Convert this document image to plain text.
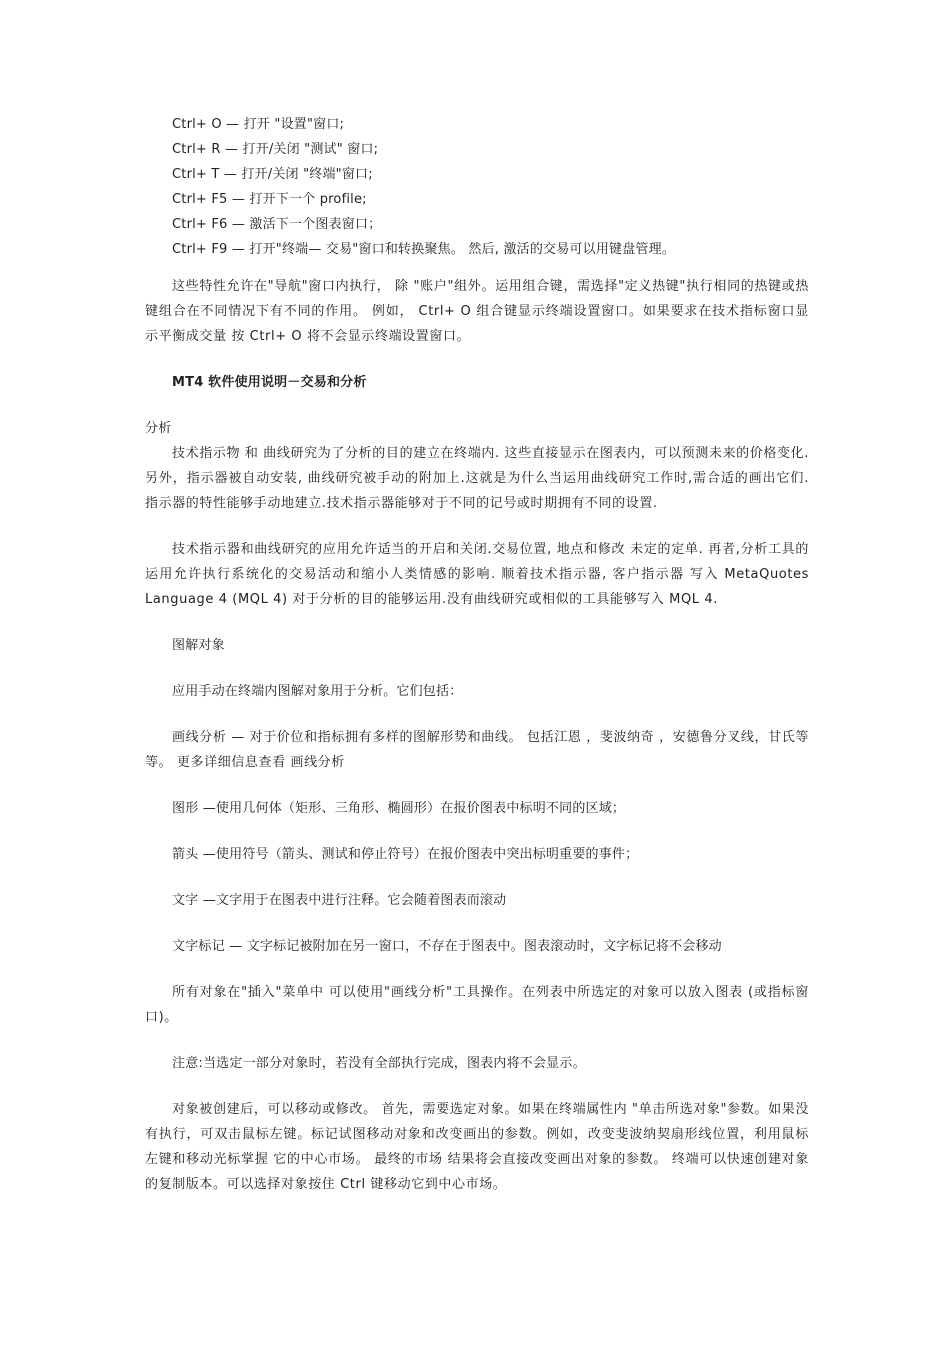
Ctrl+ O — 打开 "设置"窗口;
Ctrl+ R — 打开/关闭 "测试" 窗口;
Ctrl+ T — 打开/关闭 "终端"窗口;
Ctrl+ F5 — 打开下一个 profile;
Ctrl+ F6 — 激活下一个图表窗口；
Ctrl+ F9 — 打开"终端— 交易"窗口和转换聚焦。 然后, 激活的交易可以用键盘管理。
这些特性允许在"导航"窗口内执行， 除 "账户"组外。运用组合键，需选择"定义热键"执行相同的热键或热键组合在不同情况下有不同的作用。 例如， Ctrl+ O 组合键显示终端设置窗口。如果要求在技术指标窗口显示平衡成交量 按 Ctrl+ O 将不会显示终端设置窗口。
MT4 软件使用说明－交易和分析
分析
技术指示物 和 曲线研究为了分析的目的建立在终端内. 这些直接显示在图表内，可以预测未来的价格变化. 另外，指示器被自动安装, 曲线研究被手动的附加上.这就是为什么当运用曲线研究工作时,需合适的画出它们. 指示器的特性能够手动地建立.技术指示器能够对于不同的记号或时期拥有不同的设置.
技术指示器和曲线研究的应用允许适当的开启和关闭.交易位置, 地点和修改 未定的定单. 再者,分析工具的运用允许执行系统化的交易活动和缩小人类情感的影响. 顺着技术指示器, 客户指示器 写入 MetaQuotes Language 4 (MQL 4) 对于分析的目的能够运用.没有曲线研究或相似的工具能够写入 MQL 4.
图解对象
应用手动在终端内图解对象用于分析。它们包括：
画线分析 — 对于价位和指标拥有多样的图解形势和曲线。 包括江恩 ，斐波纳奇 ，安德鲁分叉线，甘氏等等。 更多详细信息查看 画线分析
图形 —使用几何体（矩形、三角形、椭圆形）在报价图表中标明不同的区域；
箭头 —使用符号（箭头、测试和停止符号）在报价图表中突出标明重要的事件；
文字 —文字用于在图表中进行注释。它会随着图表而滚动
文字标记 — 文字标记被附加在另一窗口，不存在于图表中。图表滚动时，文字标记将不会移动
所有对象在"插入"菜单中 可以使用"画线分析"工具操作。在列表中所选定的对象可以放入图表 (或指标窗口)。
注意:当选定一部分对象时，若没有全部执行完成，图表内将不会显示。
对象被创建后，可以移动或修改。 首先，需要选定对象。如果在终端属性内 "单击所选对象"参数。如果没有执行，可双击鼠标左键。标记试图移动对象和改变画出的参数。例如，改变斐波纳契扇形线位置，利用鼠标左键和移动光标掌握 它的中心市场。 最终的市场 结果将会直接改变画出对象的参数。 终端可以快速创建对象的复制版本。可以选择对象按住 Ctrl 键移动它到中心市场。
